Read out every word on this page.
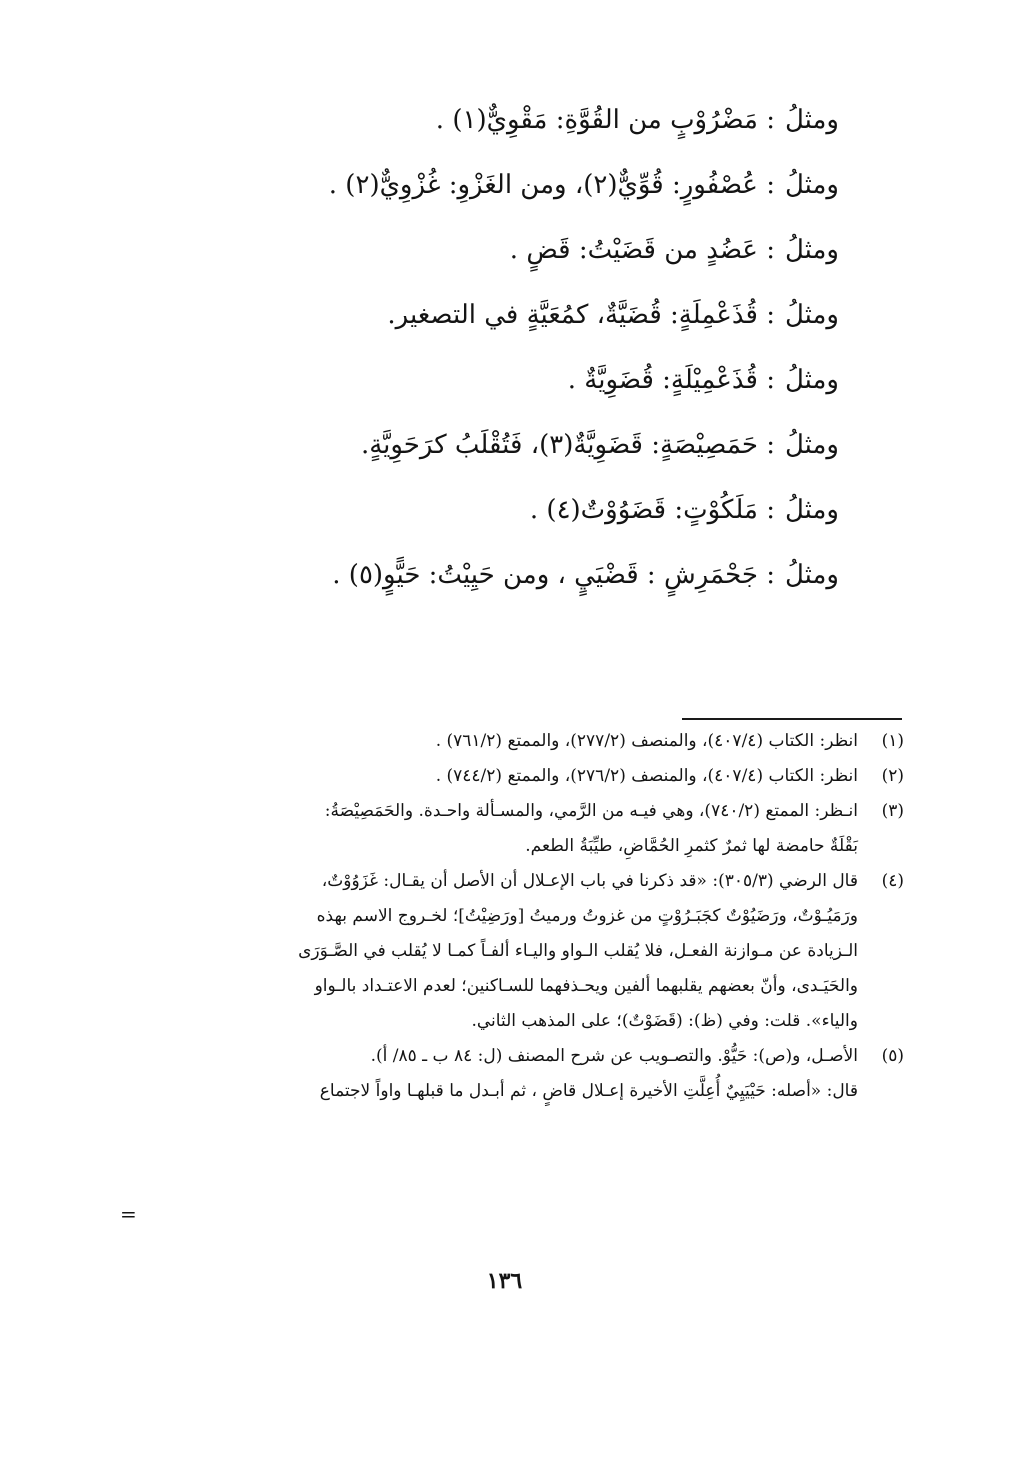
ومثلُ: مَضْرُوْبٍ من القُوَّةِ: مَقْوِيٌّ(١) .
ومثلُ: عُصْفُورٍ: قُوِّيٌّ(٢)، ومن الغَزْوِ: غُزْوِيٌّ(٢) .
ومثلُ: عَضُدٍ من قَضَيْتُ: قَضٍ .
ومثلُ: قُذَعْمِلَةٍ: قُضَيَّةٌ، كمُعَيَّةٍ في التصغير.
ومثلُ: قُذَعْمِيْلَةٍ: قُضَوِيَّةٌ .
ومثلُ: حَمَصِيْصَةٍ: قَضَوِيَّةٌ(٣)، فَتُقْلَبُ كرَحَوِيَّةٍ.
ومثلُ: مَلَكُوْتٍ: قَضَوُوْتٌ(٤) .
ومثلُ: جَحْمَرِشٍ : قَضْيَيٍ ، ومن حَيِيْتُ: حَيًّوٍ(٥) .
(١)
انظر: الكتاب (٤٠٧/٤)، والمنصف (٢٧٧/٢)، والممتع (٧٦١/٢) .
(٢)
انظر: الكتاب (٤٠٧/٤)، والمنصف (٢٧٦/٢)، والممتع (٧٤٤/٢) .
(٣)
انـظر: الممتع (٧٤٠/٢)، وهي فيـه من الرَّمي، والمسـألة واحـدة. والحَمَصِيْصَةُ:
بَقْلَةٌ حامضة لها ثمرٌ كثمرِ الحُمَّاضِ، طيِّبَةُ الطعم.
(٤)
قال الرضي (٣٠٥/٣): «قد ذكرنا في باب الإعـلال أن الأصل أن يقـال: غَزَوُوْتٌ،
ورَمَيُـوْتٌ، ورَضَيُوْتٌ كجَبَـرُوْتٍ من غزوتُ ورميتُ [ورَضِيْتُ]؛ لخـروج الاسم بهذه
الـزيادة عن مـوازنة الفعـل، فلا يُقلب الـواو واليـاء ألفـاً كمـا لا يُقلب في الصَّـوَرَى
والحَيَـدى، وأنّ بعضهم يقلبهما ألفين ويحـذفهما للسـاكنين؛ لعدم الاعتـداد بالـواو
والياء». قلت: وفي (ظ): (قَضَوْتٌ)؛ على المذهب الثاني.
(٥)
الأصـل، و(ص): حَيُّوْ. والتصـويب عن شرح المصنف (ل: ٨٤ ب ـ ٨٥/ أ).
قال: «أصله: حَيْيَيِيٌ أُعِلَّتِ الأخيرة إعـلال قاضٍ ، ثم أبـدل ما قبلهـا واواً لاجتماع
=
١٣٦
